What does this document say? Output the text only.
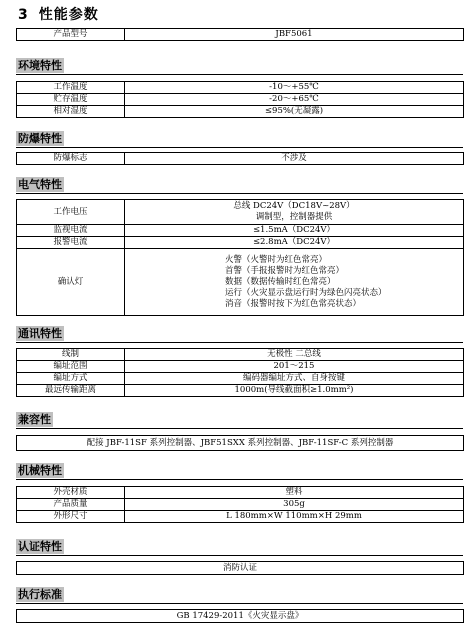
3 性能参数
产品型号	JBF5061
环境特性
工作温度	-10～+55℃
贮存温度	-20～+65℃
相对湿度	≤95%(无凝露)
防爆特性
防爆标志	不涉及
电气特性
工作电压	总线 DC24V（DC18V~28V）
调制型，控制器提供

监视电流	≤1.5mA（DC24V）
报警电流	≤2.8mA（DC24V）
确认灯	火警（火警时为红色常亮）
首警（手报报警时为红色常亮）
数据（数据传输时红色常亮）
运行（火灾显示盘运行时为绿色闪亮状态）
消音（报警时按下为红色常亮状态）
通讯特性
线制	无极性 二总线
编址范围	201～215
编址方式	编码器编址方式、自身按键
最远传输距离	1000m(导线截面积≥1.0mm²)
兼容性
配接 JBF-11SF 系列控制器、JBF51SXX 系列控制器、JBF-11SF-C 系列控制器
机械特性
外壳材质	塑料
产品质量	305g
外形尺寸	L 180mm×W 110mm×H 29mm
认证特性
消防认证
执行标准
GB 17429-2011《火灾显示盘》
